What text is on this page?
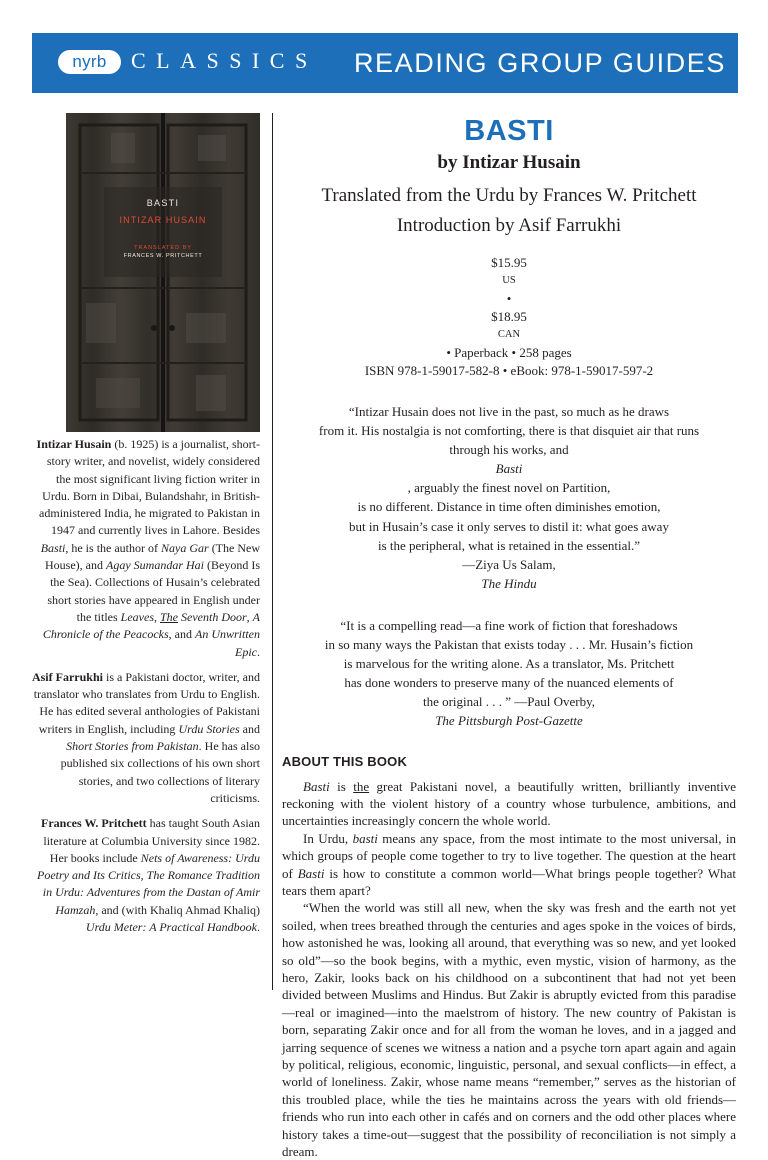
nyrb	CLASSICS READING GROUP GUIDES
BASTI
INTIZAR HUSAIN
TRANSLATED BY
FRANCES W. PRITCHETT

Intizar Husain (b. 1925) is a journalist, short-story writer, and novelist, widely considered the most significant living fiction writer in Urdu. Born in Dibai, Bulandshahr, in British-administered India, he migrated to Pakistan in 1947 and currently lives in Lahore. Besides Basti, he is the author of Naya Gar (The New House), and Agay Sumandar Hai (Beyond Is the Sea). Collections of Husain’s celebrated short stories have appeared in English under the titles Leaves, The Seventh Door, A Chronicle of the Peacocks, and An Unwritten Epic.

Asif Farrukhi is a Pakistani doctor, writer, and translator who translates from Urdu to English. He has edited several anthologies of Pakistani writers in English, including Urdu Stories and Short Stories from Pakistan. He has also published six collections of his own short stories, and two collections of literary criticisms.

Frances W. Pritchett has taught South Asian literature at Columbia University since 1982. Her books include Nets of Awareness: Urdu Poetry and Its Critics, The Romance Tradition in Urdu: Adventures from the Dastan of Amir Hamzah, and (with Khaliq Ahmad Khaliq) Urdu Meter: A Practical Handbook.

BASTI

by Intizar Husain

Translated from the Urdu by Frances W. Pritchett
Introduction by Asif Farrukhi

$15.95
US
•
$18.95
CAN
• Paperback • 258 pages
ISBN 978-1-59017-582-8 • eBook: 978-1-59017-597-2

“Intizar Husain does not live in the past, so much as he draws
from it. His nostalgia is not comforting, there is that disquiet air that runs
through his works, and
Basti
, arguably the finest novel on Partition,
is no different. Distance in time often diminishes emotion,
but in Husain’s case it only serves to distil it: what goes away
is the peripheral, what is retained in the essential.”
—Ziya Us Salam,
The Hindu

“It is a compelling read—a fine work of fiction that foreshadows
in so many ways the Pakistan that exists today . . . Mr. Husain’s fiction
is marvelous for the writing alone. As a translator, Ms. Pritchett
has done wonders to preserve many of the nuanced elements of
the original . . . ” —Paul Overby,
The Pittsburgh Post-Gazette

ABOUT THIS BOOK

Basti is the great Pakistani novel, a beautifully written, brilliantly inventive reckoning with the violent history of a country whose turbulence, ambitions, and uncertainties increasingly concern the whole world.

In Urdu, basti means any space, from the most intimate to the most universal, in which groups of people come together to try to live together. The question at the heart of Basti is how to constitute a common world—What brings people together? What tears them apart?

“When the world was still all new, when the sky was fresh and the earth not yet soiled, when trees breathed through the centuries and ages spoke in the voices of birds, how astonished he was, looking all around, that everything was so new, and yet looked so old”—so the book begins, with a mythic, even mystic, vision of harmony, as the hero, Zakir, looks back on his childhood on a subcontinent that had not yet been divided between Muslims and Hindus. But Zakir is abruptly evicted from this paradise—real or imagined—into the maelstrom of history. The new country of Pakistan is born, separating Zakir once and for all from the woman he loves, and in a jagged and jarring sequence of scenes we witness a nation and a psyche torn apart again and again by political, religious, economic, linguistic, personal, and sexual conflicts—in effect, a world of loneliness. Zakir, whose name means “remember,” serves as the historian of this troubled place, while the ties he maintains across the years with old friends—friends who run into each other in cafés and on corners and the odd other places where history takes a time-out—suggest that the possibility of reconciliation is not simply a dream.
